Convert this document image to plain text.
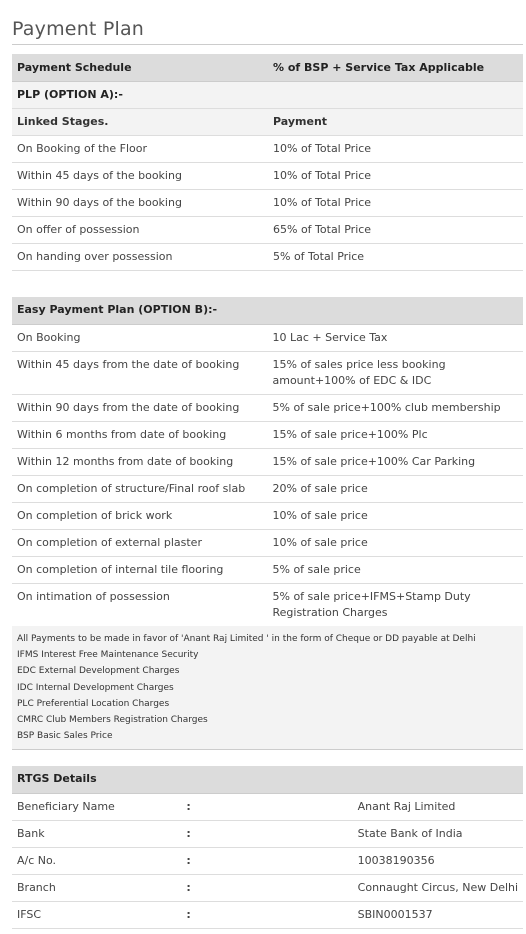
Payment Plan
Payment Schedule	% of BSP + Service Tax Applicable
PLP (OPTION A):-	
Linked Stages.	Payment
On Booking of the Floor	10% of Total Price
Within 45 days of the booking	10% of Total Price
Within 90 days of the booking	10% of Total Price
On offer of possession	65% of Total Price
On handing over possession	5% of Total Price
Easy Payment Plan (OPTION B):-	
On Booking	10 Lac + Service Tax
Within 45 days from the date of booking	15% of sales price less booking amount+100% of EDC & IDC
Within 90 days from the date of booking	5% of sale price+100% club membership
Within 6 months from date of booking	15% of sale price+100% Plc
Within 12 months from date of booking	15% of sale price+100% Car Parking
On completion of structure/Final roof slab	20% of sale price
On completion of brick work	10% of sale price
On completion of external plaster	10% of sale price
On completion of internal tile flooring	5% of sale price
On intimation of possession	5% of sale price+IFMS+Stamp Duty Registration Charges
All Payments to be made in favor of 'Anant Raj Limited ' in the form of Cheque or DD payable at Delhi
IFMS Interest Free Maintenance Security
EDC External Development Charges
IDC Internal Development Charges
PLC Preferential Location Charges
CMRC Club Members Registration Charges
BSP Basic Sales Price
RTGS Details		
Beneficiary Name	:	Anant Raj Limited
Bank	:	State Bank of India
A/c No.	:	10038190356
Branch	:	Connaught Circus, New Delhi
IFSC	:	SBIN0001537
